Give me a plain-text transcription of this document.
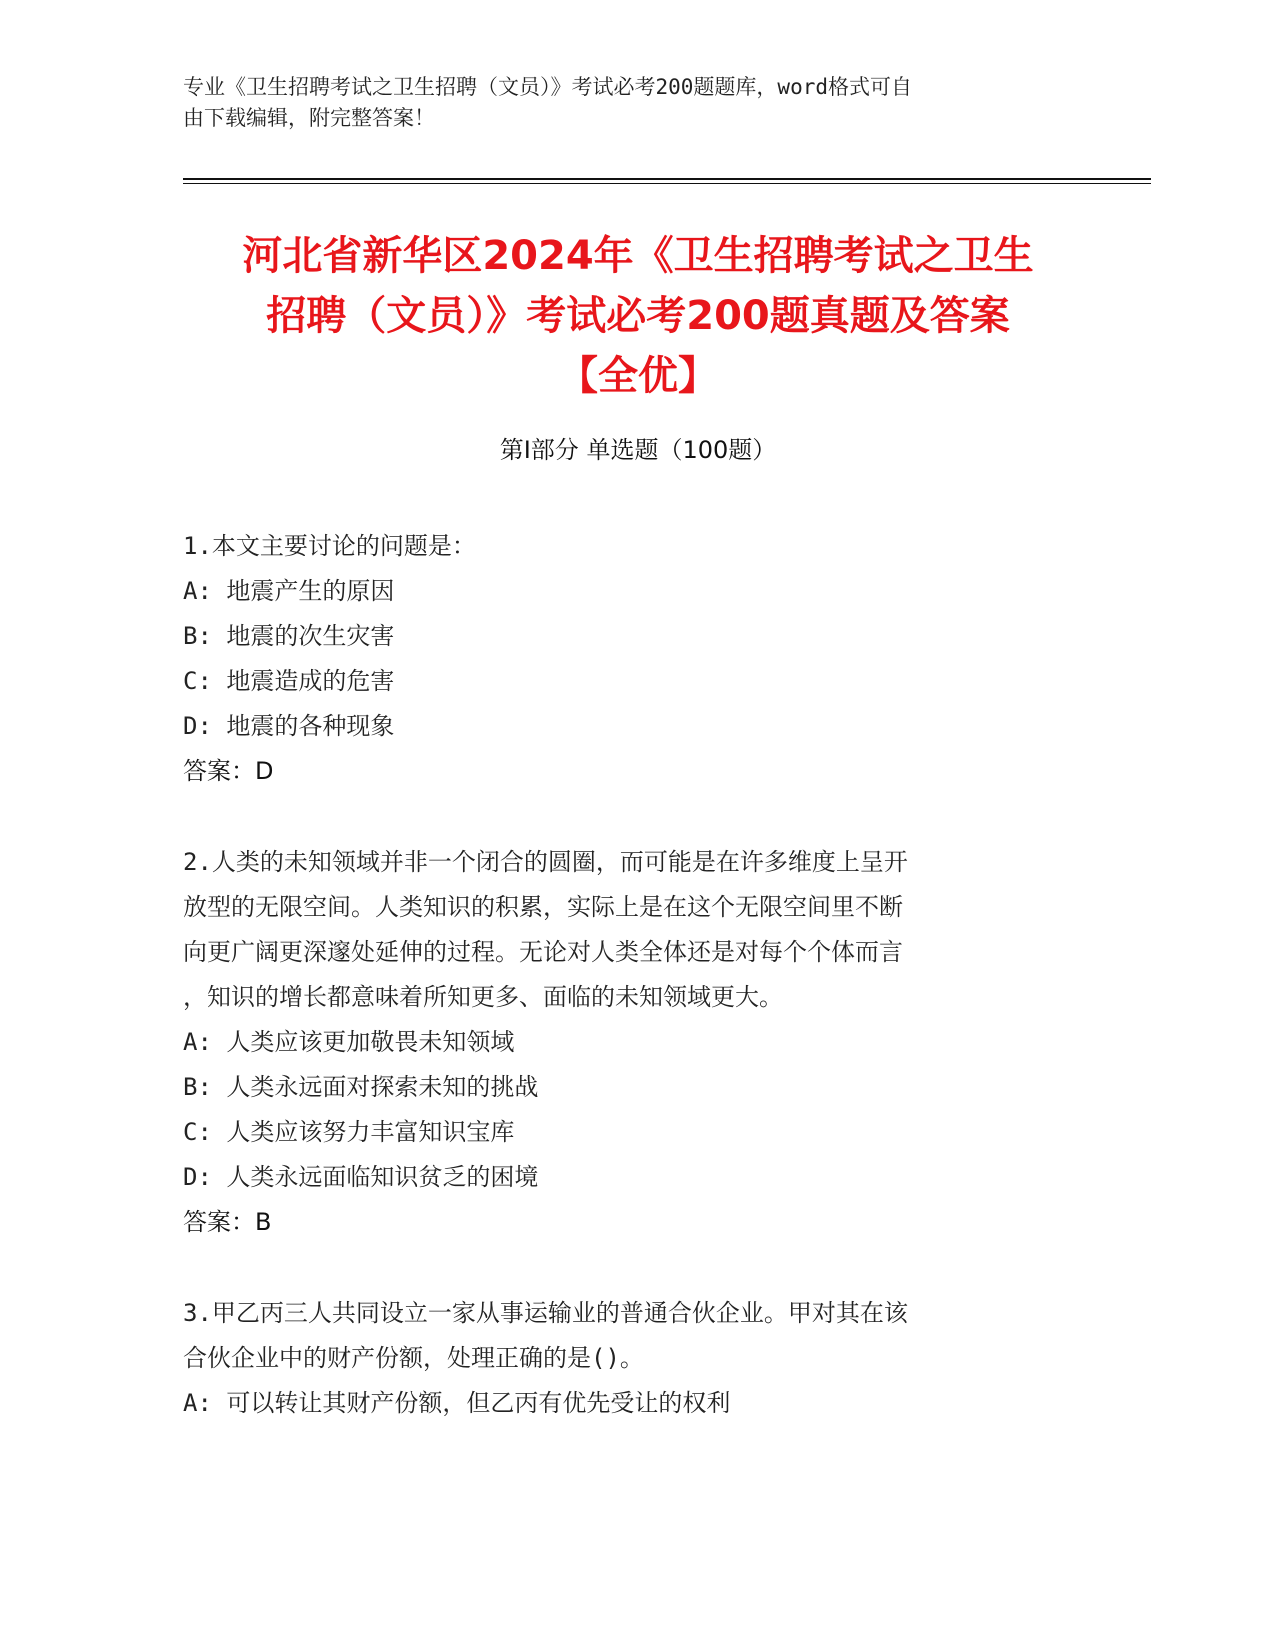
专业《卫生招聘考试之卫生招聘（文员）》考试必考200题题库，word格式可自
由下载编辑，附完整答案！
河北省新华区2024年《卫生招聘考试之卫生
招聘（文员）》考试必考200题真题及答案
【全优】
第Ⅰ部分 单选题（100题）
1.本文主要讨论的问题是：
A: 地震产生的原因
B: 地震的次生灾害
C: 地震造成的危害
D: 地震的各种现象
答案：D
2.人类的未知领域并非一个闭合的圆圈，而可能是在许多维度上呈开
放型的无限空间。人类知识的积累，实际上是在这个无限空间里不断
向更广阔更深邃处延伸的过程。无论对人类全体还是对每个个体而言
，知识的增长都意味着所知更多、面临的未知领域更大。
A: 人类应该更加敬畏未知领域
B: 人类永远面对探索未知的挑战
C: 人类应该努力丰富知识宝库
D: 人类永远面临知识贫乏的困境
答案：B
3.甲乙丙三人共同设立一家从事运输业的普通合伙企业。甲对其在该
合伙企业中的财产份额，处理正确的是()。
A: 可以转让其财产份额，但乙丙有优先受让的权利
